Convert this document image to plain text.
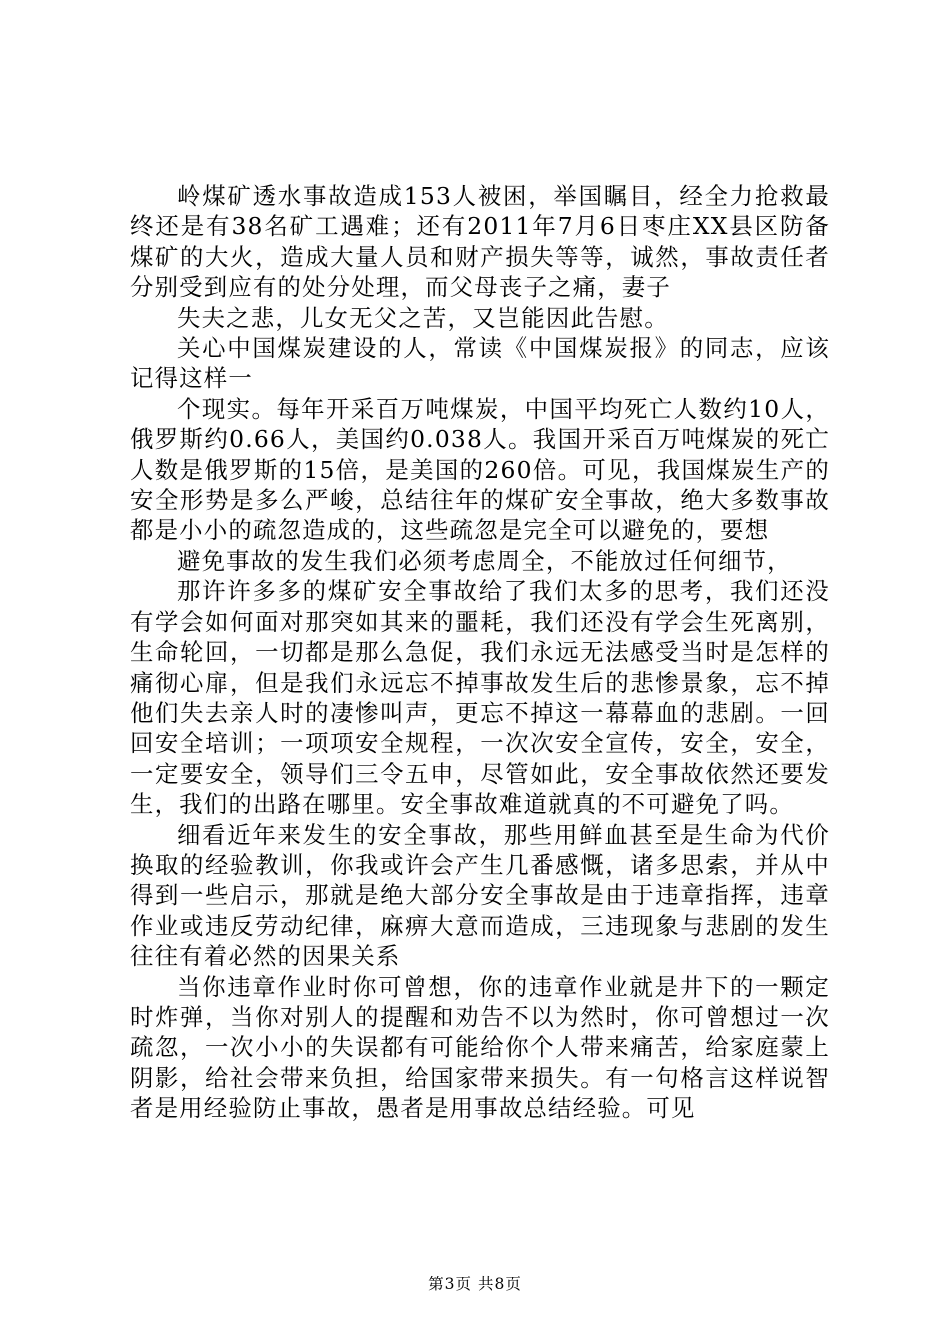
岭煤矿透水事故造成153人被困，举国瞩目，经全力抢救最终还是有38名矿工遇难；还有2011年7月6日枣庄XX县区防备煤矿的大火，造成大量人员和财产损失等等，诚然，事故责任者分别受到应有的处分处理，而父母丧子之痛，妻子

失夫之悲，儿女无父之苦，又岂能因此告慰。

关心中国煤炭建设的人，常读《中国煤炭报》的同志，应该记得这样一

个现实。每年开采百万吨煤炭，中国平均死亡人数约10人，俄罗斯约0.66人，美国约0.038人。我国开采百万吨煤炭的死亡人数是俄罗斯的15倍，是美国的260倍。可见，我国煤炭生产的安全形势是多么严峻，总结往年的煤矿安全事故，绝大多数事故都是小小的疏忽造成的，这些疏忽是完全可以避免的，要想

避免事故的发生我们必须考虑周全，不能放过任何细节，

那许许多多的煤矿安全事故给了我们太多的思考，我们还没有学会如何面对那突如其来的噩耗，我们还没有学会生死离别，生命轮回，一切都是那么急促，我们永远无法感受当时是怎样的痛彻心扉，但是我们永远忘不掉事故发生后的悲惨景象，忘不掉他们失去亲人时的凄惨叫声，更忘不掉这一幕幕血的悲剧。一回回安全培训；一项项安全规程，一次次安全宣传，安全，安全，一定要安全，领导们三令五申，尽管如此，安全事故依然还要发生，我们的出路在哪里。安全事故难道就真的不可避免了吗。

细看近年来发生的安全事故，那些用鲜血甚至是生命为代价换取的经验教训，你我或许会产生几番感慨，诸多思索，并从中得到一些启示，那就是绝大部分安全事故是由于违章指挥，违章作业或违反劳动纪律，麻痹大意而造成，三违现象与悲剧的发生往往有着必然的因果关系

当你违章作业时你可曾想，你的违章作业就是井下的一颗定时炸弹，当你对别人的提醒和劝告不以为然时，你可曾想过一次疏忽，一次小小的失误都有可能给你个人带来痛苦，给家庭蒙上阴影，给社会带来负担，给国家带来损失。有一句格言这样说智者是用经验防止事故，愚者是用事故总结经验。可见

第3页 共8页
